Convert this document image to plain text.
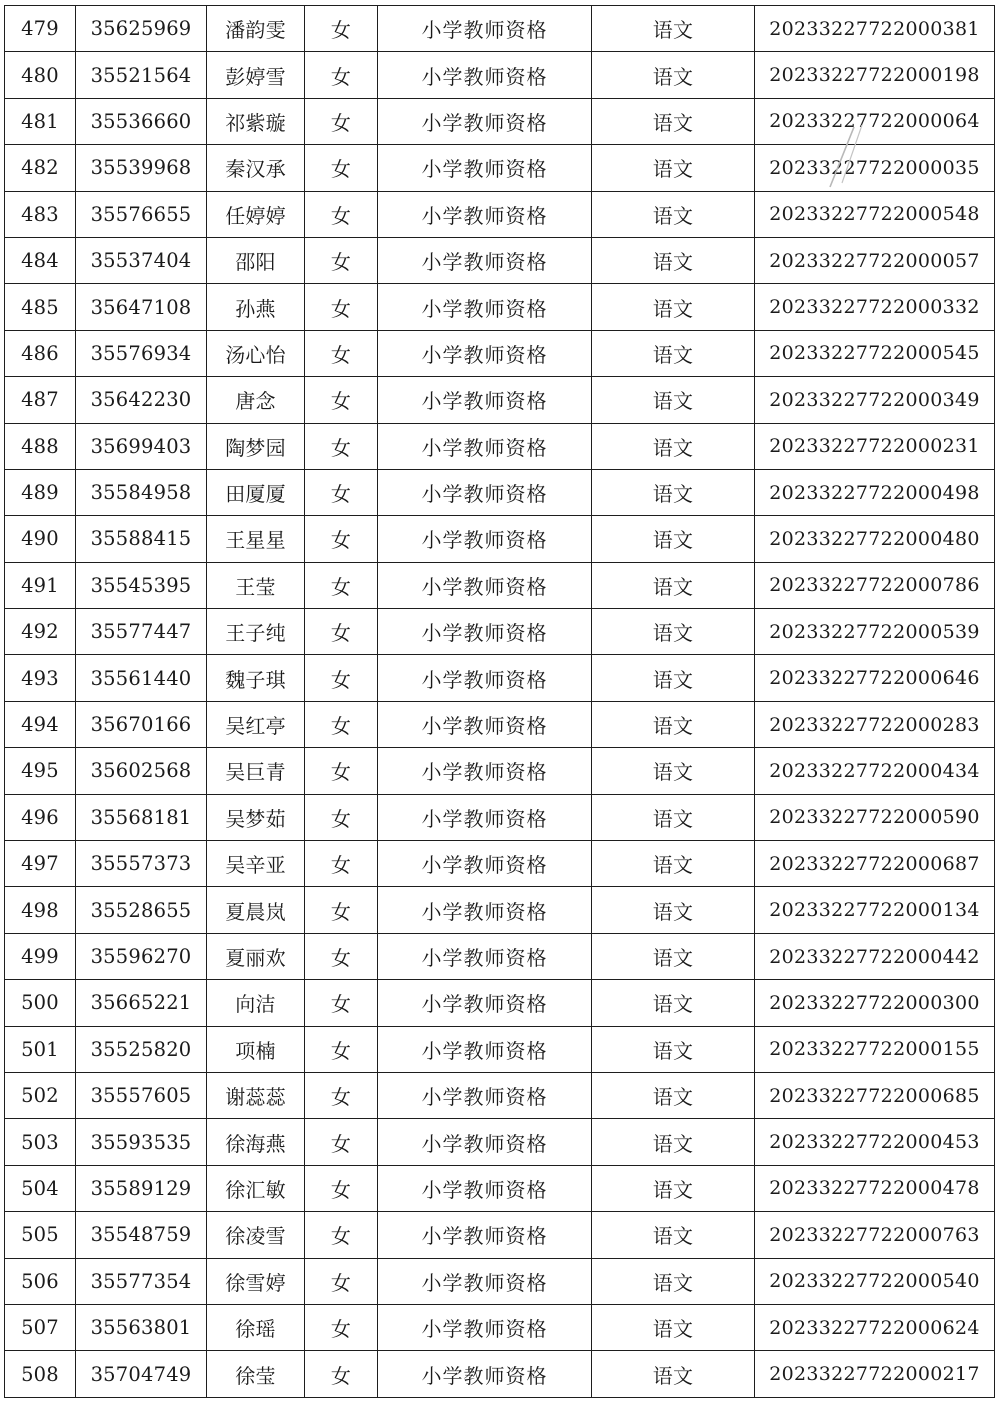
479	35625969	潘韵雯	女	小学教师资格	语文	20233227722000381
480	35521564	彭婷雪	女	小学教师资格	语文	20233227722000198
481	35536660	祁紫璇	女	小学教师资格	语文	20233227722000064
482	35539968	秦汉承	女	小学教师资格	语文	20233227722000035
483	35576655	任婷婷	女	小学教师资格	语文	20233227722000548
484	35537404	邵阳	女	小学教师资格	语文	20233227722000057
485	35647108	孙燕	女	小学教师资格	语文	20233227722000332
486	35576934	汤心怡	女	小学教师资格	语文	20233227722000545
487	35642230	唐念	女	小学教师资格	语文	20233227722000349
488	35699403	陶梦园	女	小学教师资格	语文	20233227722000231
489	35584958	田厦厦	女	小学教师资格	语文	20233227722000498
490	35588415	王星星	女	小学教师资格	语文	20233227722000480
491	35545395	王莹	女	小学教师资格	语文	20233227722000786
492	35577447	王子纯	女	小学教师资格	语文	20233227722000539
493	35561440	魏子琪	女	小学教师资格	语文	20233227722000646
494	35670166	吴红亭	女	小学教师资格	语文	20233227722000283
495	35602568	吴巨青	女	小学教师资格	语文	20233227722000434
496	35568181	吴梦茹	女	小学教师资格	语文	20233227722000590
497	35557373	吴辛亚	女	小学教师资格	语文	20233227722000687
498	35528655	夏晨岚	女	小学教师资格	语文	20233227722000134
499	35596270	夏丽欢	女	小学教师资格	语文	20233227722000442
500	35665221	向洁	女	小学教师资格	语文	20233227722000300
501	35525820	项楠	女	小学教师资格	语文	20233227722000155
502	35557605	谢蕊蕊	女	小学教师资格	语文	20233227722000685
503	35593535	徐海燕	女	小学教师资格	语文	20233227722000453
504	35589129	徐汇敏	女	小学教师资格	语文	20233227722000478
505	35548759	徐凌雪	女	小学教师资格	语文	20233227722000763
506	35577354	徐雪婷	女	小学教师资格	语文	20233227722000540
507	35563801	徐瑶	女	小学教师资格	语文	20233227722000624
508	35704749	徐莹	女	小学教师资格	语文	20233227722000217
